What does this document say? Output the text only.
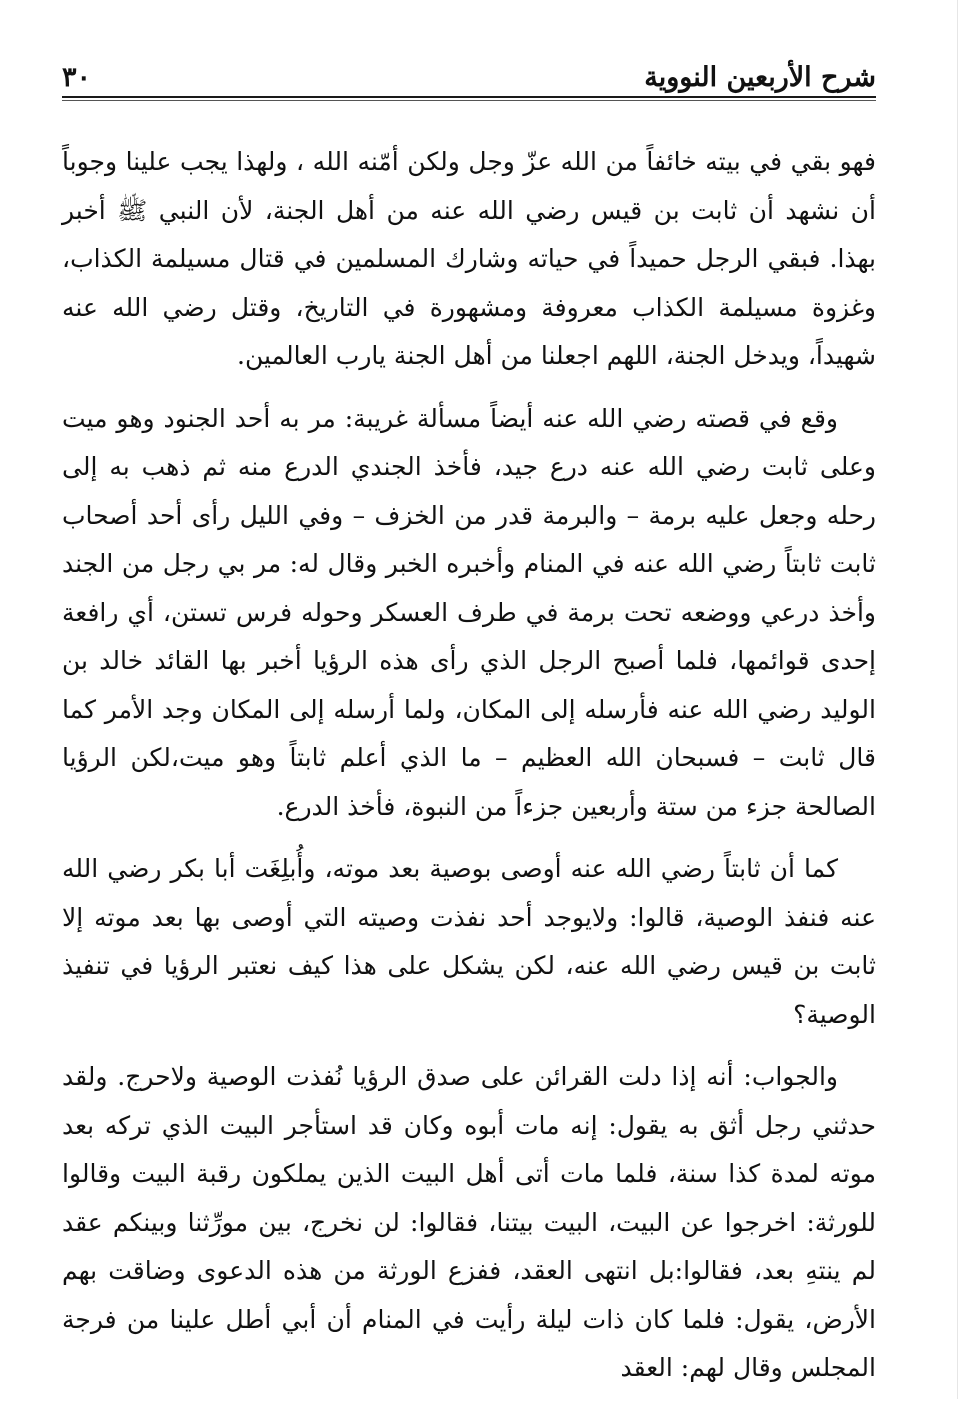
شرح الأربعين النووية
٣٠

فهو بقي في بيته خائفاً من الله عزّ وجل ولكن أمّنه الله ، ولهذا يجب علينا وجوباً أن نشهد أن ثابت بن قيس رضي الله عنه من أهل الجنة، لأن النبي ﷺ أخبر بهذا. فبقي الرجل حميداً في حياته وشارك المسلمين في قتال مسيلمة الكذاب، وغزوة مسيلمة الكذاب معروفة ومشهورة في التاريخ، وقتل رضي الله عنه شهيداً، ويدخل الجنة، اللهم اجعلنا من أهل الجنة يارب العالمين.

وقع في قصته رضي الله عنه أيضاً مسألة غريبة: مر به أحد الجنود وهو ميت وعلى ثابت رضي الله عنه درع جيد، فأخذ الجندي الدرع منه ثم ذهب به إلى رحله وجعل عليه برمة – والبرمة قدر من الخزف – وفي الليل رأى أحد أصحاب ثابت ثابتاً رضي الله عنه في المنام وأخبره الخبر وقال له: مر بي رجل من الجند وأخذ درعي ووضعه تحت برمة في طرف العسكر وحوله فرس تستن، أي رافعة إحدى قوائمها، فلما أصبح الرجل الذي رأى هذه الرؤيا أخبر بها القائد خالد بن الوليد رضي الله عنه فأرسله إلى المكان، ولما أرسله إلى المكان وجد الأمر كما قال ثابت – فسبحان الله العظيم – ما الذي أعلم ثابتاً وهو ميت،لكن الرؤيا الصالحة جزء من ستة وأربعين جزءاً من النبوة، فأخذ الدرع.

كما أن ثابتاً رضي الله عنه أوصى بوصية بعد موته، وأُبلِغَت أبا بكر رضي الله عنه فنفذ الوصية، قالوا: ولايوجد أحد نفذت وصيته التي أوصى بها بعد موته إلا ثابت بن قيس رضي الله عنه، لكن يشكل على هذا كيف نعتبر الرؤيا في تنفيذ الوصية؟

والجواب: أنه إذا دلت القرائن على صدق الرؤيا نُفذت الوصية ولاحرج. ولقد حدثني رجل أثق به يقول: إنه مات أبوه وكان قد استأجر البيت الذي تركه بعد موته لمدة كذا سنة، فلما مات أتى أهل البيت الذين يملكون رقبة البيت وقالوا للورثة: اخرجوا عن البيت، البيت بيتنا، فقالوا: لن نخرج، بين مورِّثنا وبينكم عقد لم ينتهِ بعد، فقالوا:بل انتهى العقد، ففزع الورثة من هذه الدعوى وضاقت بهم الأرض، يقول: فلما كان ذات ليلة رأيت في المنام أن أبي أطل علينا من فرجة المجلس وقال لهم: العقد
